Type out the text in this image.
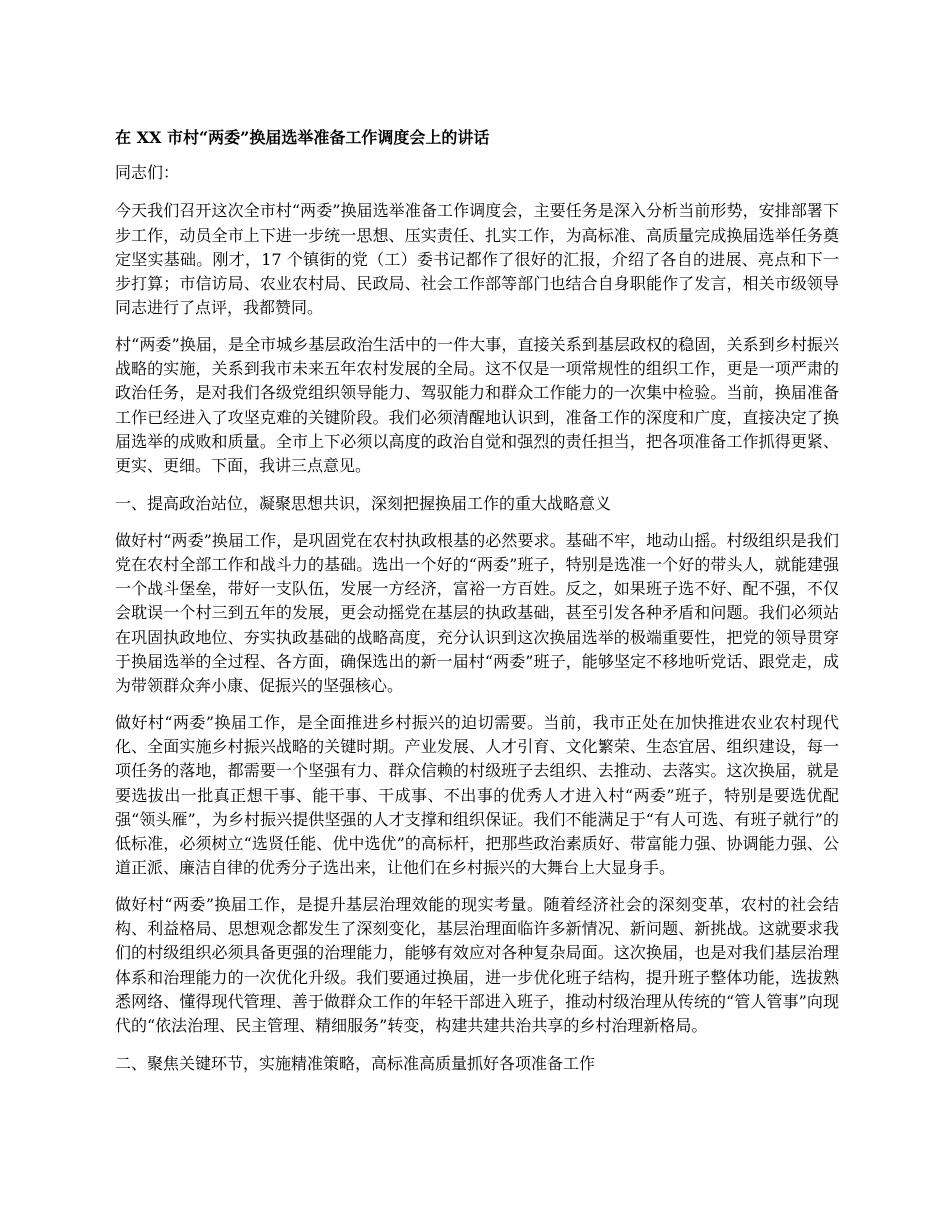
在 XX 市村“两委”换届选举准备工作调度会上的讲话
同志们：
今天我们召开这次全市村“两委”换届选举准备工作调度会，主要任务是深入分析当前形势，安排部署下步工作，动员全市上下进一步统一思想、压实责任、扎实工作，为高标准、高质量完成换届选举任务奠定坚实基础。刚才，17 个镇街的党（工）委书记都作了很好的汇报，介绍了各自的进展、亮点和下一步打算；市信访局、农业农村局、民政局、社会工作部等部门也结合自身职能作了发言，相关市级领导同志进行了点评，我都赞同。
村“两委”换届，是全市城乡基层政治生活中的一件大事，直接关系到基层政权的稳固，关系到乡村振兴战略的实施，关系到我市未来五年农村发展的全局。这不仅是一项常规性的组织工作，更是一项严肃的政治任务，是对我们各级党组织领导能力、驾驭能力和群众工作能力的一次集中检验。当前，换届准备工作已经进入了攻坚克难的关键阶段。我们必须清醒地认识到，准备工作的深度和广度，直接决定了换届选举的成败和质量。全市上下必须以高度的政治自觉和强烈的责任担当，把各项准备工作抓得更紧、更实、更细。下面，我讲三点意见。
一、提高政治站位，凝聚思想共识，深刻把握换届工作的重大战略意义
做好村“两委”换届工作，是巩固党在农村执政根基的必然要求。基础不牢，地动山摇。村级组织是我们党在农村全部工作和战斗力的基础。选出一个好的“两委”班子，特别是选准一个好的带头人，就能建强一个战斗堡垒，带好一支队伍，发展一方经济，富裕一方百姓。反之，如果班子选不好、配不强，不仅会耽误一个村三到五年的发展，更会动摇党在基层的执政基础，甚至引发各种矛盾和问题。我们必须站在巩固执政地位、夯实执政基础的战略高度，充分认识到这次换届选举的极端重要性，把党的领导贯穿于换届选举的全过程、各方面，确保选出的新一届村“两委”班子，能够坚定不移地听党话、跟党走，成为带领群众奔小康、促振兴的坚强核心。
做好村“两委”换届工作，是全面推进乡村振兴的迫切需要。当前，我市正处在加快推进农业农村现代化、全面实施乡村振兴战略的关键时期。产业发展、人才引育、文化繁荣、生态宜居、组织建设，每一项任务的落地，都需要一个坚强有力、群众信赖的村级班子去组织、去推动、去落实。这次换届，就是要选拔出一批真正想干事、能干事、干成事、不出事的优秀人才进入村“两委”班子，特别是要选优配强“领头雁”，为乡村振兴提供坚强的人才支撑和组织保证。我们不能满足于“有人可选、有班子就行”的低标准，必须树立“选贤任能、优中选优”的高标杆，把那些政治素质好、带富能力强、协调能力强、公道正派、廉洁自律的优秀分子选出来，让他们在乡村振兴的大舞台上大显身手。
做好村“两委”换届工作，是提升基层治理效能的现实考量。随着经济社会的深刻变革，农村的社会结构、利益格局、思想观念都发生了深刻变化，基层治理面临许多新情况、新问题、新挑战。这就要求我们的村级组织必须具备更强的治理能力，能够有效应对各种复杂局面。这次换届，也是对我们基层治理体系和治理能力的一次优化升级。我们要通过换届，进一步优化班子结构，提升班子整体功能，选拔熟悉网络、懂得现代管理、善于做群众工作的年轻干部进入班子，推动村级治理从传统的“管人管事”向现代的“依法治理、民主管理、精细服务”转变，构建共建共治共享的乡村治理新格局。
二、聚焦关键环节，实施精准策略，高标准高质量抓好各项准备工作
